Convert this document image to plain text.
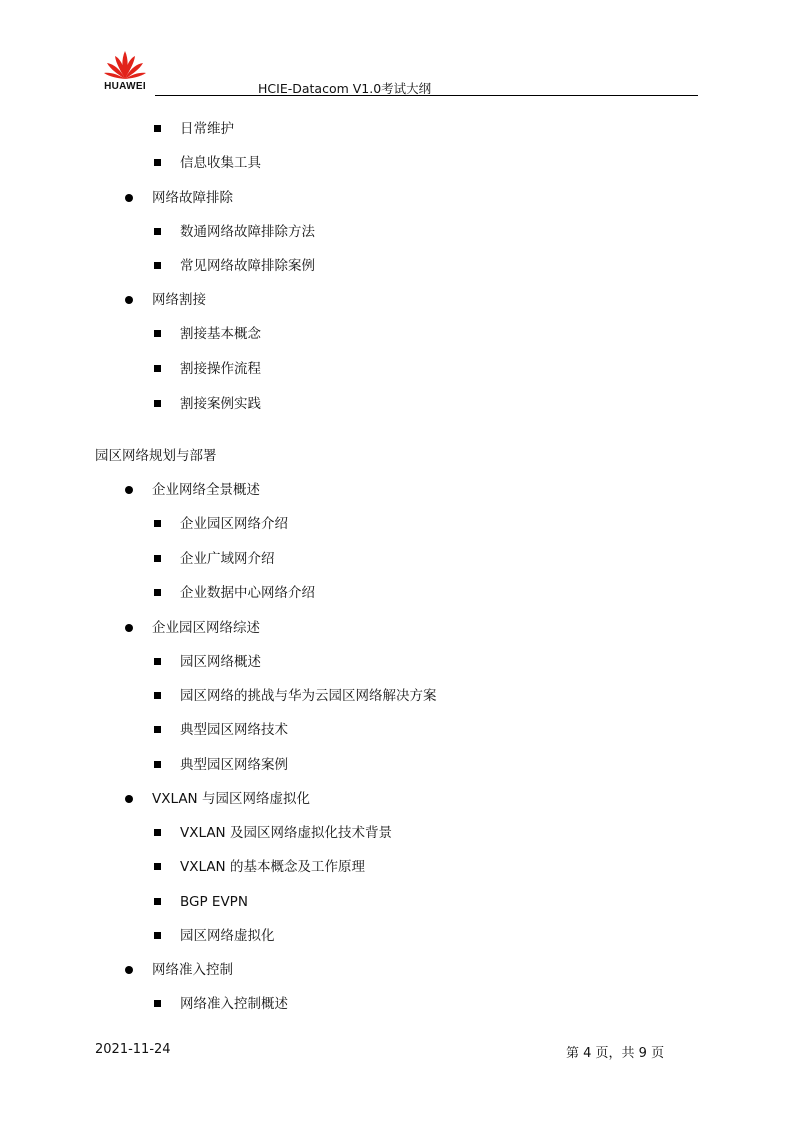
HUAWEI	HCIE-Datacom V1.0考试大纲
日常维护
信息收集工具
网络故障排除
数通网络故障排除方法
常见网络故障排除案例
网络割接
割接基本概念
割接操作流程
割接案例实践
园区网络规划与部署
企业网络全景概述
企业园区网络介绍
企业广域网介绍
企业数据中心网络介绍
企业园区网络综述
园区网络概述
园区网络的挑战与华为云园区网络解决方案
典型园区网络技术
典型园区网络案例
VXLAN 与园区网络虚拟化
VXLAN 及园区网络虚拟化技术背景
VXLAN 的基本概念及工作原理
BGP EVPN
园区网络虚拟化
网络准入控制
网络准入控制概述
2021-11-24	第 4 页，共 9 页
